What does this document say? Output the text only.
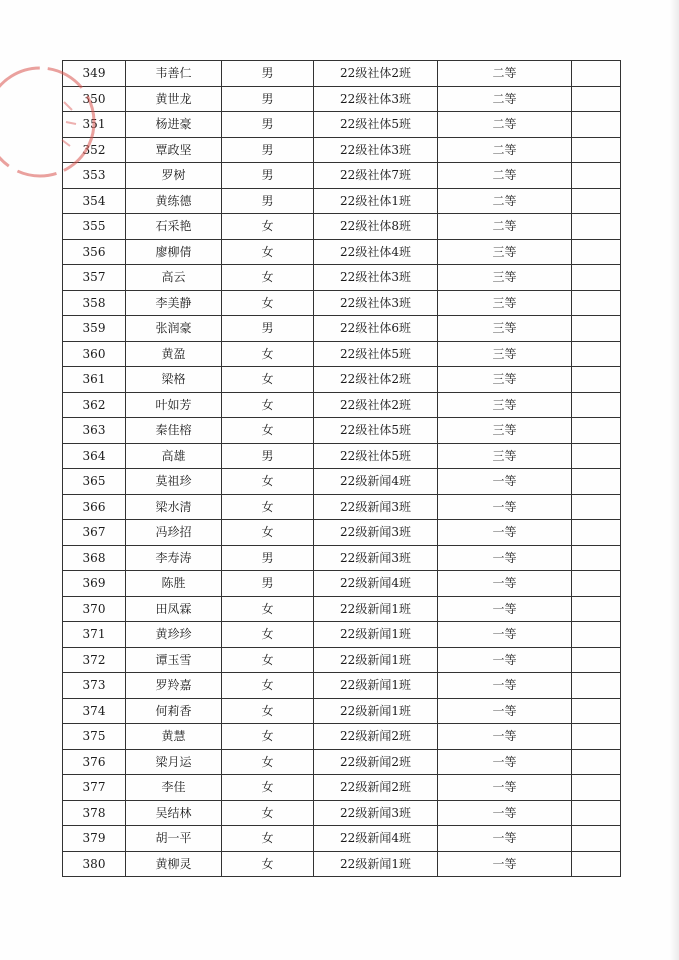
349	韦善仁	男	22级社体2班	二等	
350	黄世龙	男	22级社体3班	二等	
351	杨进豪	男	22级社体5班	二等	
352	覃政坚	男	22级社体3班	二等	
353	罗树	男	22级社体7班	二等	
354	黄练德	男	22级社体1班	二等	
355	石采艳	女	22级社体8班	二等	
356	廖柳倩	女	22级社体4班	三等	
357	高云	女	22级社体3班	三等	
358	李美静	女	22级社体3班	三等	
359	张润豪	男	22级社体6班	三等	
360	黄盈	女	22级社体5班	三等	
361	梁格	女	22级社体2班	三等	
362	叶如芳	女	22级社体2班	三等	
363	秦佳榕	女	22级社体5班	三等	
364	高雄	男	22级社体5班	三等	
365	莫祖珍	女	22级新闻4班	一等	
366	梁水清	女	22级新闻3班	一等	
367	冯珍招	女	22级新闻3班	一等	
368	李寿涛	男	22级新闻3班	一等	
369	陈胜	男	22级新闻4班	一等	
370	田凤霖	女	22级新闻1班	一等	
371	黄珍珍	女	22级新闻1班	一等	
372	谭玉雪	女	22级新闻1班	一等	
373	罗羚嘉	女	22级新闻1班	一等	
374	何莉香	女	22级新闻1班	一等	
375	黄慧	女	22级新闻2班	一等	
376	梁月运	女	22级新闻2班	一等	
377	李佳	女	22级新闻2班	一等	
378	吴结林	女	22级新闻3班	一等	
379	胡一平	女	22级新闻4班	一等	
380	黄柳灵	女	22级新闻1班	一等	
